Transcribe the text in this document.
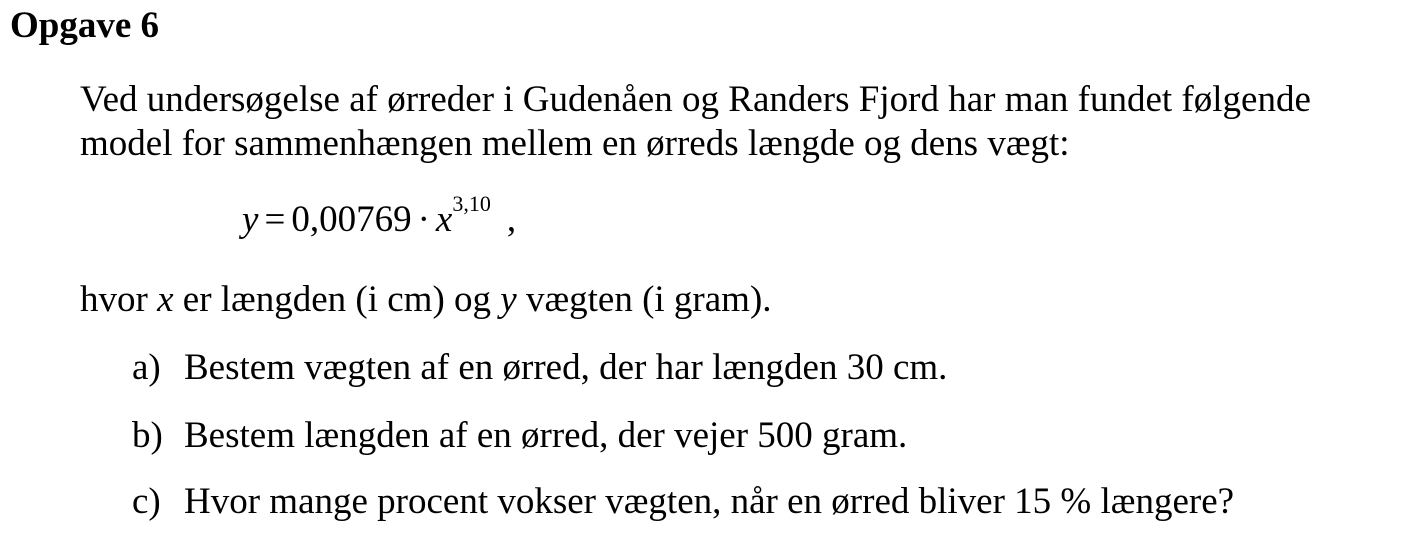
Opgave 6
Ved undersøgelse af ørreder i Gudenåen og Randers Fjord har man fundet følgende
model for sammenhængen mellem en ørreds længde og dens vægt:
$y = 0,00769 \cdot x^{3,10}$ ,
hvor x er længden (i cm) og y vægten (i gram).
a) Bestem vægten af en ørred, der har længden 30 cm.
b) Bestem længden af en ørred, der vejer 500 gram.
c) Hvor mange procent vokser vægten, når en ørred bliver 15 % længere?
